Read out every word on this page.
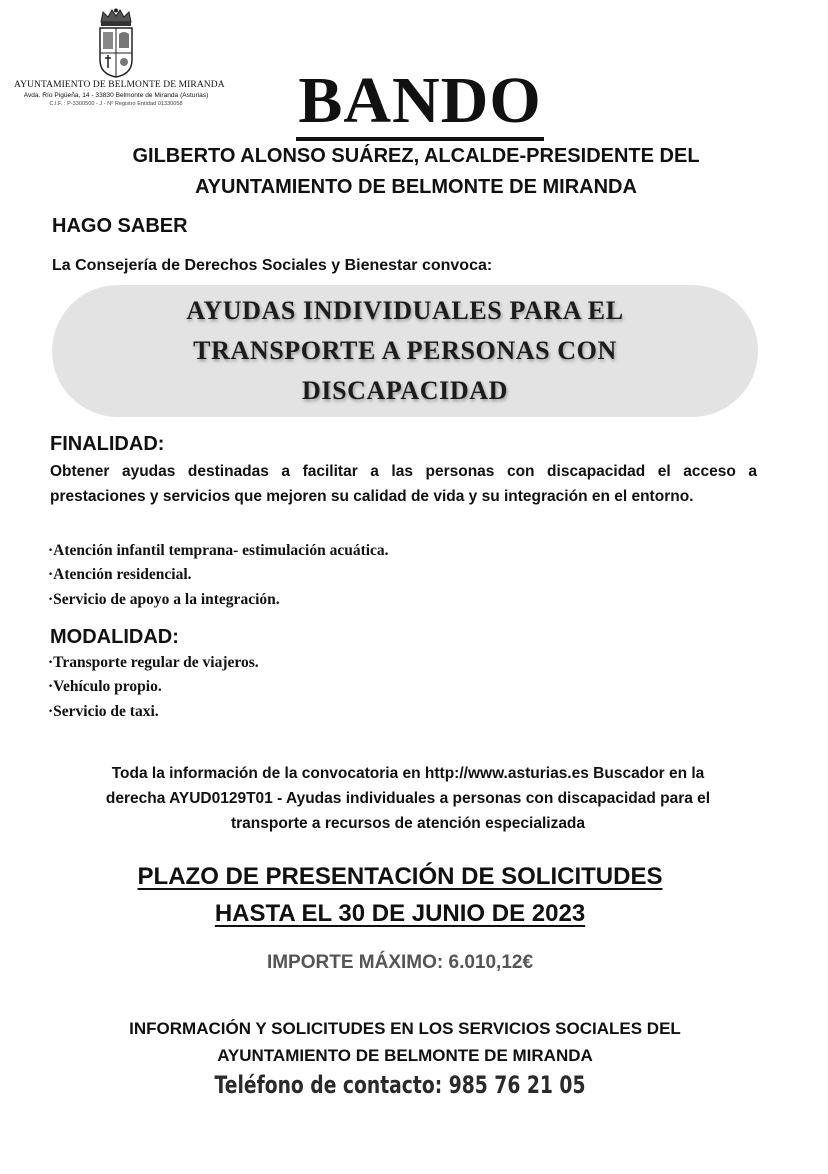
AYUNTAMIENTO DE BELMONTE DE MIRANDA
Avda. Río Pigüeña, 14 - 33830 Belmonte de Miranda (Asturias)
C.I.F. : P-3300500 - J - Nº Registro Entidad 01330058	BANDO
GILBERTO ALONSO SUÁREZ, ALCALDE-PRESIDENTE DEL
AYUNTAMIENTO DE BELMONTE DE MIRANDA
HAGO SABER
La Consejería de Derechos Sociales y Bienestar convoca:
AYUDAS INDIVIDUALES PARA EL
TRANSPORTE A PERSONAS CON
DISCAPACIDAD
FINALIDAD:

Obtener ayudas destinadas a facilitar a las personas con discapacidad el acceso a prestaciones y servicios que mejoren su calidad de vida y su integración en el entorno.

·Atención infantil temprana- estimulación acuática.
·Atención residencial.
·Servicio de apoyo a la integración.
MODALIDAD:
·Transporte regular de viajeros.
·Vehículo propio.
·Servicio de taxi.
Toda la información de la convocatoria en http://www.asturias.es Buscador en la
derecha AYUD0129T01 - Ayudas individuales a personas con discapacidad para el
transporte a recursos de atención especializada
PLAZO DE PRESENTACIÓN DE SOLICITUDES
HASTA EL 30 DE JUNIO DE 2023
IMPORTE MÁXIMO: 6.010,12€
INFORMACIÓN Y SOLICITUDES EN LOS SERVICIOS SOCIALES DEL
AYUNTAMIENTO DE BELMONTE DE MIRANDA
Teléfono de contacto: 985 76 21 05
